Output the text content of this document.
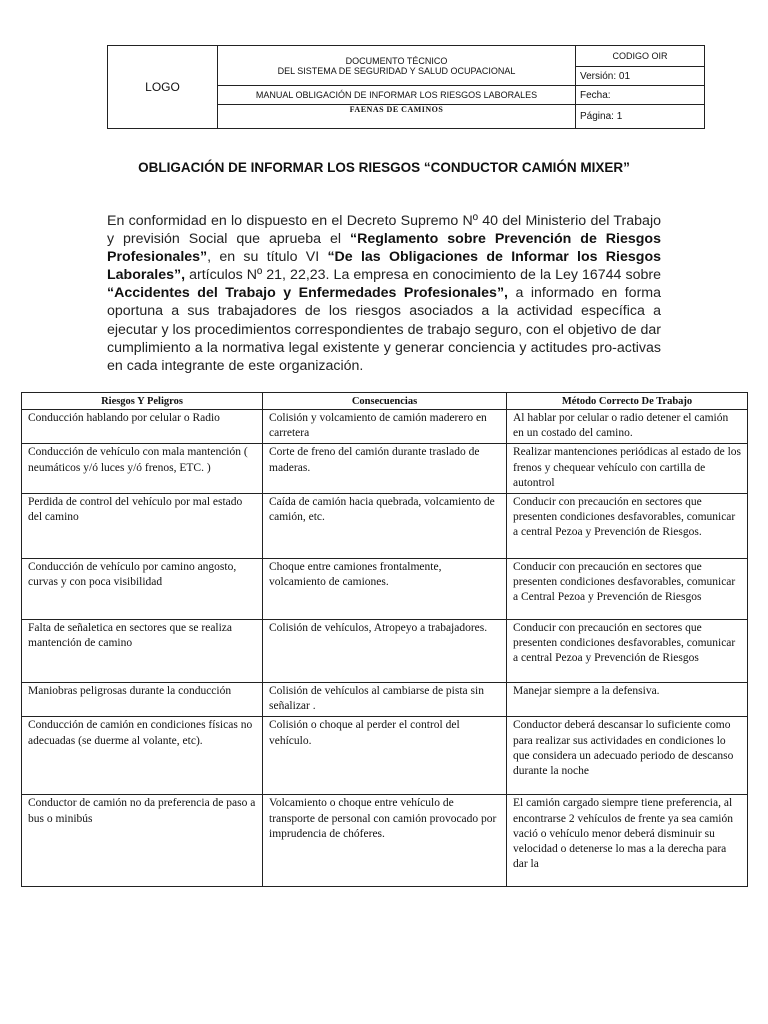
LOGO	DOCUMENTO TÉCNICO
DEL SISTEMA DE SEGURIDAD Y SALUD OCUPACIONAL	CODIGO OIR
		Versión: 01
	MANUAL OBLIGACIÓN DE INFORMAR LOS RIESGOS LABORALES	Fecha:
	FAENAS DE CAMINOS	Página: 1
OBLIGACIÓN DE INFORMAR LOS RIESGOS “CONDUCTOR CAMIÓN MIXER”

En conformidad en lo dispuesto en el Decreto Supremo Nº 40 del Ministerio del Trabajo y previsión Social que aprueba el “Reglamento sobre Prevención de Riesgos Profesionales”, en su título VI “De las Obligaciones de Informar los Riesgos Laborales”, artículos Nº 21, 22,23. La empresa en conocimiento de la Ley 16744 sobre “Accidentes del Trabajo y Enfermedades Profesionales”, a informado en forma oportuna a sus trabajadores de los riesgos asociados a la actividad específica a ejecutar y los procedimientos correspondientes de trabajo seguro, con el objetivo de dar cumplimiento a la normativa legal existente y generar conciencia y actitudes pro-activas en cada integrante de este organización.

Riesgos Y Peligros	Consecuencias	Método Correcto De Trabajo
Conducción hablando por celular o Radio	Colisión y volcamiento de camión maderero en carretera	Al hablar por celular o radio detener el camión en un costado del camino.
Conducción de vehículo con mala mantención ( neumáticos y/ó luces y/ó frenos, ETC. )	Corte de freno del camión durante traslado de maderas.	Realizar mantenciones periódicas al estado de los frenos y chequear vehículo con cartilla de autontrol
Perdida de control del vehículo por mal estado del camino	Caída de camión hacia quebrada, volcamiento de camión, etc.	Conducir con precaución en sectores que presenten condiciones desfavorables, comunicar a central Pezoa y Prevención de Riesgos.
Conducción de vehículo por camino angosto, curvas y con poca visibilidad	Choque entre camiones frontalmente, volcamiento de camiones.	Conducir con precaución en sectores que presenten condiciones desfavorables, comunicar a Central Pezoa y Prevención de Riesgos
Falta de señaletica en sectores que se realiza mantención de camino	Colisión de vehículos, Atropeyo a trabajadores.	Conducir con precaución en sectores que presenten condiciones desfavorables, comunicar a central Pezoa y Prevención de Riesgos
Maniobras peligrosas durante la conducción	Colisión de vehículos al cambiarse de pista sin señalizar .	Manejar siempre a la defensiva.
Conducción de camión en condiciones físicas no adecuadas (se duerme al volante, etc).	Colisión o choque al perder el control del vehículo.	Conductor deberá descansar lo suficiente como para realizar sus actividades en condiciones lo que considera un adecuado periodo de descanso durante la noche
Conductor de camión no da preferencia de paso a bus o minibús	Volcamiento o choque entre vehículo de transporte de personal con camión provocado por imprudencia de chóferes.	El camión cargado siempre tiene preferencia, al encontrarse 2 vehículos de frente ya sea camión vació o vehículo menor deberá disminuir su velocidad o detenerse lo mas a la derecha para dar la
